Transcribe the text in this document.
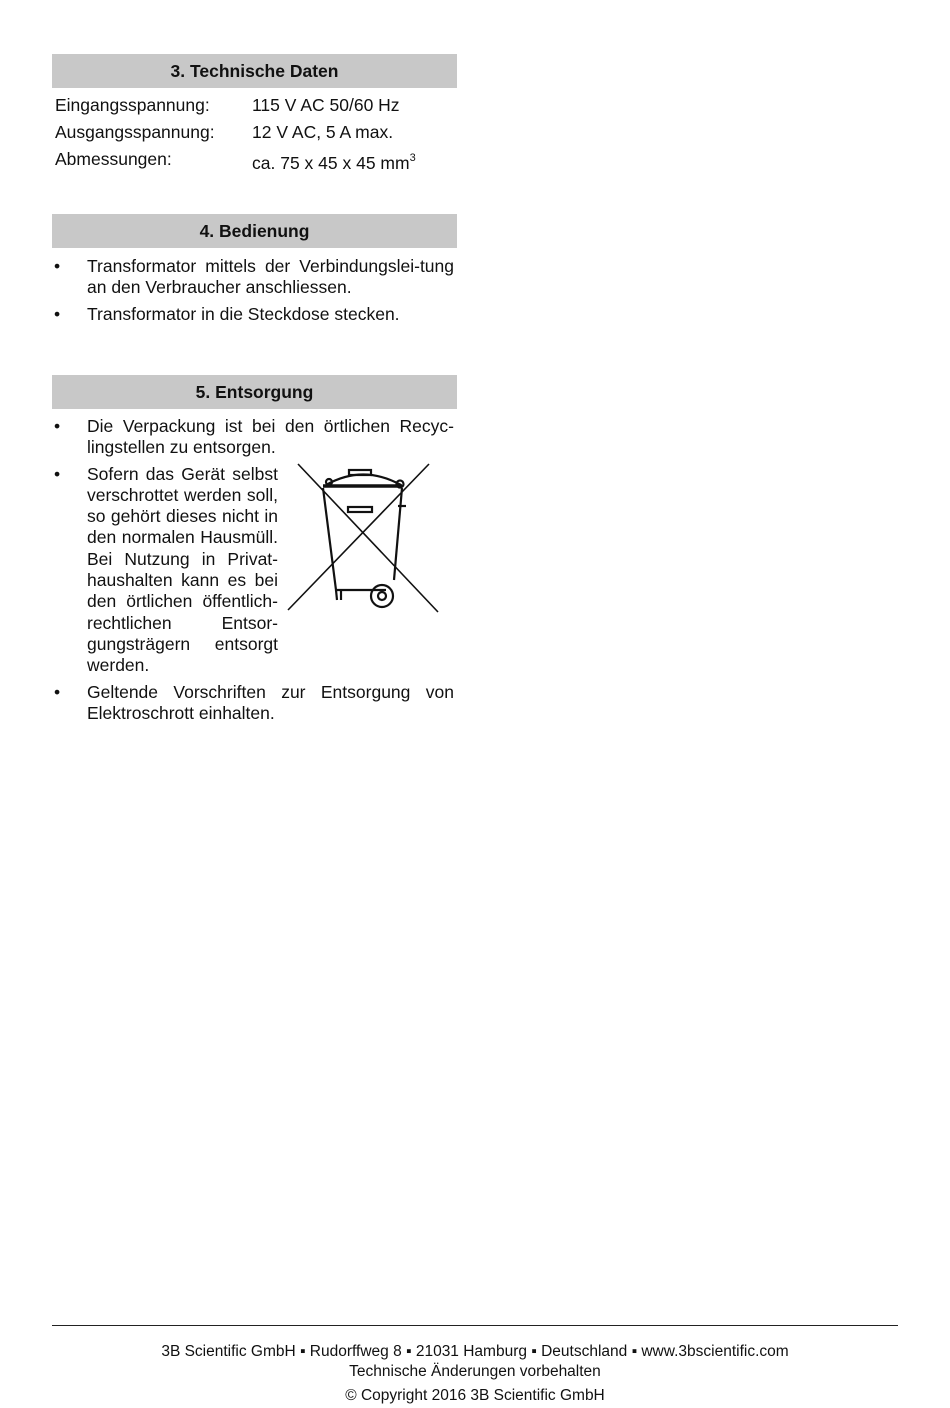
3. Technische Daten
Eingangsspannung: 115 V AC 50/60 Hz
Ausgangsspannung: 12 V AC, 5 A max.
Abmessungen:	ca. 75 x 45 x 45 $mm^3$
4. Bedienung
• Transformator mittels der Verbindungslei-tung an den Verbraucher anschliessen.
• Transformator in die Steckdose stecken.
5. Entsorgung
• Die Verpackung ist bei den örtlichen Recyc-lingstellen zu entsorgen.
• Sofern das Gerät selbst verschrottet werden soll, so gehört dieses nicht in den normalen Hausmüll. Bei Nutzung in Privat-haushalten kann es bei den örtlichen öffentlich-rechtlichen Entsor-gungsträgern entsorgt werden.
• Geltende Vorschriften zur Entsorgung von Elektroschrott einhalten.
3B Scientific GmbH ▪ Rudorffweg 8 ▪ 21031 Hamburg ▪ Deutschland ▪ www.3bscientific.com
Technische Änderungen vorbehalten
© Copyright 2016 3B Scientific GmbH
